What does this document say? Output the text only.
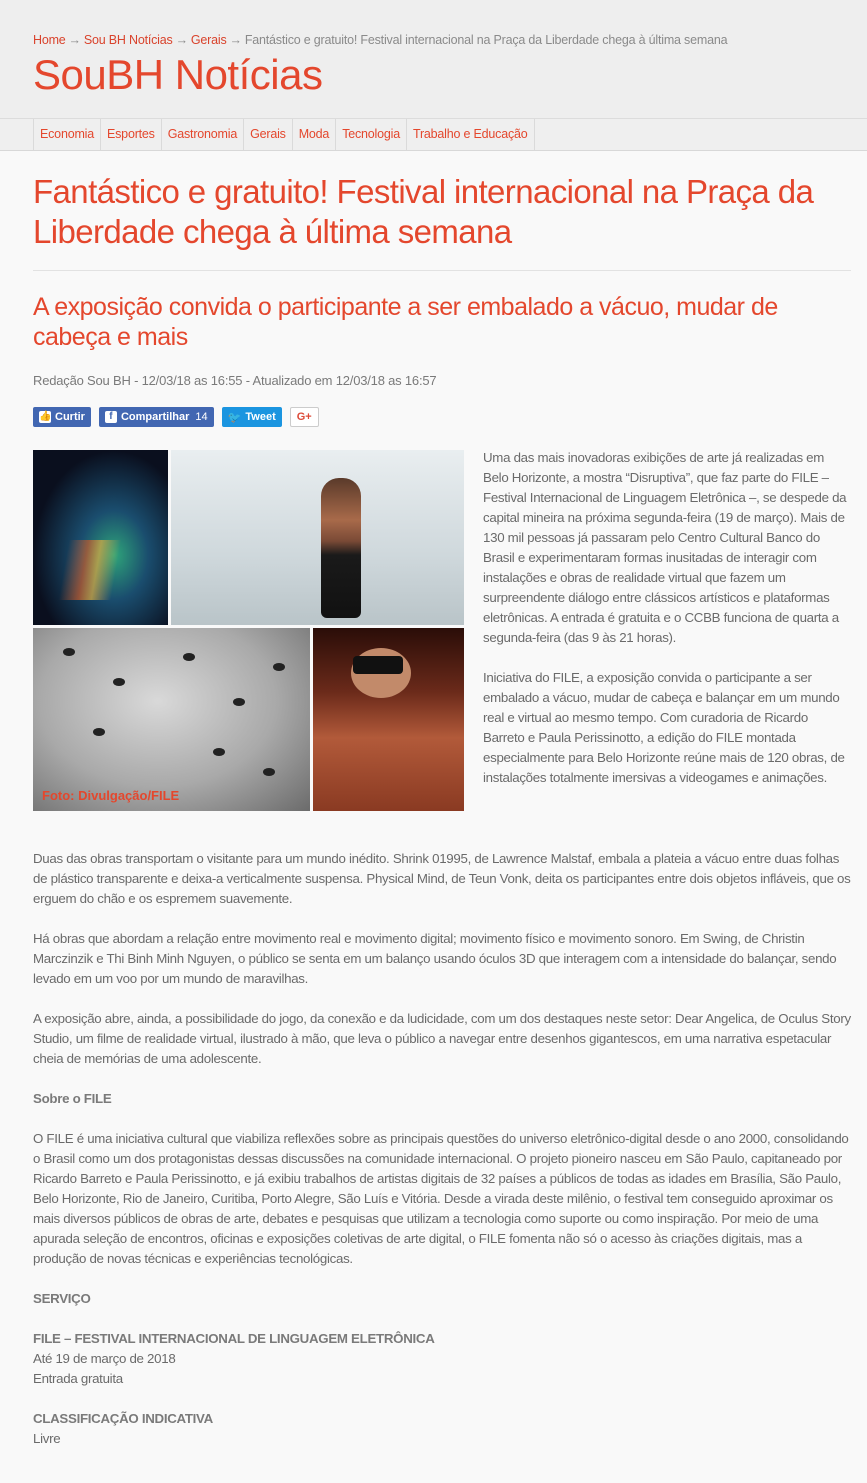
Home → Sou BH Notícias → Gerais → Fantástico e gratuito! Festival internacional na Praça da Liberdade chega à última semana
SouBH Notícias
Economia	Esportes	Gastronomia	Gerais	Moda	Tecnologia	Trabalho e Educação
Fantástico e gratuito! Festival internacional na Praça da Liberdade chega à última semana
A exposição convida o participante a ser embalado a vácuo, mudar de cabeça e mais
Redação Sou BH - 12/03/18 as 16:55 - Atualizado em 12/03/18 as 16:57
👍 Curtir	f Compartilhar 14 🐦 Tweet G+
Foto: Divulgação/FILE

Uma das mais inovadoras exibições de arte já realizadas em Belo Horizonte, a mostra “Disruptiva”, que faz parte do FILE – Festival Internacional de Linguagem Eletrônica –, se despede da capital mineira na próxima segunda-feira (19 de março). Mais de 130 mil pessoas já passaram pelo Centro Cultural Banco do Brasil e experimentaram formas inusitadas de interagir com instalações e obras de realidade virtual que fazem um surpreendente diálogo entre clássicos artísticos e plataformas eletrônicas. A entrada é gratuita e o CCBB funciona de quarta a segunda-feira (das 9 às 21 horas).

Iniciativa do FILE, a exposição convida o participante a ser embalado a vácuo, mudar de cabeça e balançar em um mundo real e virtual ao mesmo tempo. Com curadoria de Ricardo Barreto e Paula Perissinotto, a edição do FILE montada especialmente para Belo Horizonte reúne mais de 120 obras, de instalações totalmente imersivas a videogames e animações.

Duas das obras transportam o visitante para um mundo inédito. Shrink 01995, de Lawrence Malstaf, embala a plateia a vácuo entre duas folhas de plástico transparente e deixa-a verticalmente suspensa. Physical Mind, de Teun Vonk, deita os participantes entre dois objetos infláveis, que os erguem do chão e os espremem suavemente.

Há obras que abordam a relação entre movimento real e movimento digital; movimento físico e movimento sonoro. Em Swing, de Christin Marczinzik e Thi Binh Minh Nguyen, o público se senta em um balanço usando óculos 3D que interagem com a intensidade do balançar, sendo levado em um voo por um mundo de maravilhas.

A exposição abre, ainda, a possibilidade do jogo, da conexão e da ludicidade, com um dos destaques neste setor: Dear Angelica, de Oculus Story Studio, um filme de realidade virtual, ilustrado à mão, que leva o público a navegar entre desenhos gigantescos, em uma narrativa espetacular cheia de memórias de uma adolescente.

Sobre o FILE

O FILE é uma iniciativa cultural que viabiliza reflexões sobre as principais questões do universo eletrônico-digital desde o ano 2000, consolidando o Brasil como um dos protagonistas dessas discussões na comunidade internacional. O projeto pioneiro nasceu em São Paulo, capitaneado por Ricardo Barreto e Paula Perissinotto, e já exibiu trabalhos de artistas digitais de 32 países a públicos de todas as idades em Brasília, São Paulo, Belo Horizonte, Rio de Janeiro, Curitiba, Porto Alegre, São Luís e Vitória. Desde a virada deste milênio, o festival tem conseguido aproximar os mais diversos públicos de obras de arte, debates e pesquisas que utilizam a tecnologia como suporte ou como inspiração. Por meio de uma apurada seleção de encontros, oficinas e exposições coletivas de arte digital, o FILE fomenta não só o acesso às criações digitais, mas a produção de novas técnicas e experiências tecnológicas.

SERVIÇO

FILE – FESTIVAL INTERNACIONAL DE LINGUAGEM ELETRÔNICA
Até 19 de março de 2018
Entrada gratuita

CLASSIFICAÇÃO INDICATIVA
Livre
